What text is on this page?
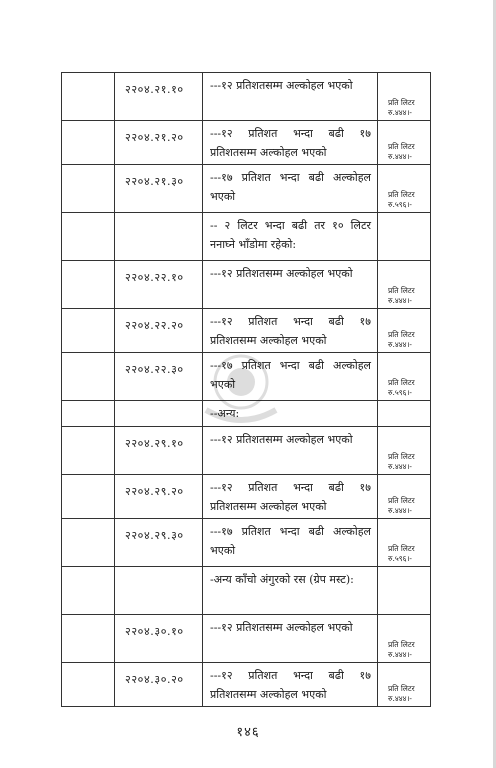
	२२०४.२१.१०	---१२ प्रतिशतसम्म अल्कोहल भएको	प्रति लिटर
रु.४४४।-

	२२०४.२१.२०	---१२ प्रतिशत भन्दा बढी १७ प्रतिशतसम्म अल्कोहल भएको	प्रति लिटर
रु.४४४।-

	२२०४.२१.३०	---१७ प्रतिशत भन्दा बढी अल्कोहल भएको	प्रति लिटर
रु.५९६।-

		-- २ लिटर भन्दा बढी तर १० लिटर ननाघ्ने भाँडोमा रहेको:	

	२२०४.२२.१०	---१२ प्रतिशतसम्म अल्कोहल भएको	प्रति लिटर
रु.४४४।-

	२२०४.२२.२०	---१२ प्रतिशत भन्दा बढी १७ प्रतिशतसम्म अल्कोहल भएको	प्रति लिटर
रु.४४४।-

	२२०४.२२.३०	---१७ प्रतिशत भन्दा बढी अल्कोहल भएको	प्रति लिटर
रु.५९६।-

		--अन्य:	

	२२०४.२९.१०	---१२ प्रतिशतसम्म अल्कोहल भएको	प्रति लिटर
रु.४४४।-

	२२०४.२९.२०	---१२ प्रतिशत भन्दा बढी १७ प्रतिशतसम्म अल्कोहल भएको	प्रति लिटर
रु.४४४।-

	२२०४.२९.३०	---१७ प्रतिशत भन्दा बढी अल्कोहल भएको	प्रति लिटर
रु.५९६।-

		-अन्य काँचो अंगुरको रस (ग्रेप मस्ट):	

	२२०४.३०.१०	---१२ प्रतिशतसम्म अल्कोहल भएको	प्रति लिटर
रु.४४४।-

	२२०४.३०.२०	---१२ प्रतिशत भन्दा बढी १७ प्रतिशतसम्म अल्कोहल भएको	प्रति लिटर
रु.४४४।-
१४६
